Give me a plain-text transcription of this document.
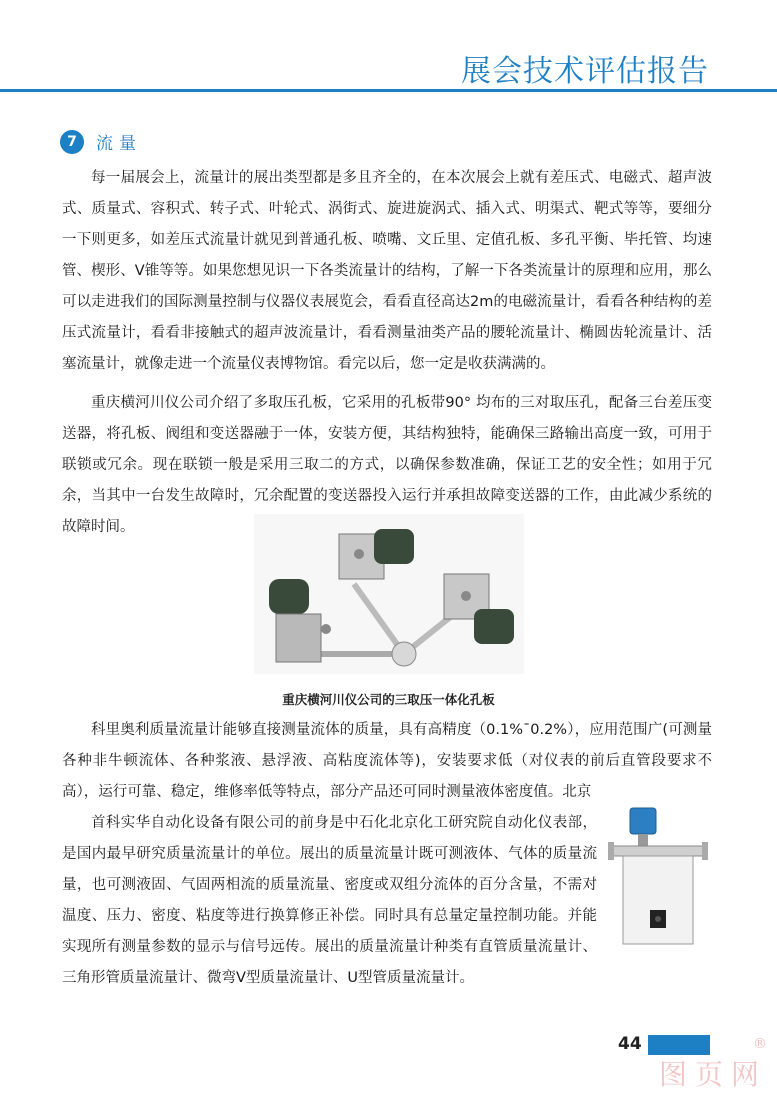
展会技术评估报告
7	流量

每一届展会上，流量计的展出类型都是多且齐全的，在本次展会上就有差压式、电磁式、超声波式、质量式、容积式、转子式、叶轮式、涡街式、旋进旋涡式、插入式、明渠式、靶式等等，要细分一下则更多，如差压式流量计就见到普通孔板、喷嘴、文丘里、定值孔板、多孔平衡、毕托管、均速管、楔形、V锥等等。如果您想见识一下各类流量计的结构，了解一下各类流量计的原理和应用，那么可以走进我们的国际测量控制与仪器仪表展览会，看看直径高达2m的电磁流量计，看看各种结构的差压式流量计，看看非接触式的超声波流量计，看看测量油类产品的腰轮流量计、椭圆齿轮流量计、活塞流量计，就像走进一个流量仪表博物馆。看完以后，您一定是收获满满的。

重庆横河川仪公司介绍了多取压孔板，它采用的孔板带90° 均布的三对取压孔，配备三台差压变送器，将孔板、阀组和变送器融于一体，安装方便，其结构独特，能确保三路输出高度一致，可用于联锁或冗余。现在联锁一般是采用三取二的方式，以确保参数准确，保证工艺的安全性；如用于冗余，当其中一台发生故障时，冗余配置的变送器投入运行并承担故障变送器的工作，由此减少系统的故障时间。

重庆横河川仪公司的三取压一体化孔板

科里奥利质量流量计能够直接测量流体的质量，具有高精度（0.1%¯0.2%），应用范围广(可测量各种非牛顿流体、各种浆液、悬浮液、高粘度流体等)，安装要求低（对仪表的前后直管段要求不高），运行可靠、稳定，维修率低等特点，部分产品还可同时测量液体密度值。北京
首科实华自动化设备有限公司的前身是中石化北京化工研究院自动化仪表部，是国内最早研究质量流量计的单位。展出的质量流量计既可测液体、气体的质量流量，也可测液固、气固两相流的质量流量、密度或双组分流体的百分含量，不需对温度、压力、密度、粘度等进行换算修正补偿。同时具有总量定量控制功能。并能实现所有测量参数的显示与信号远传。展出的质量流量计种类有直管质量流量计、三角形管质量流量计、微弯V型质量流量计、U型管质量流量计。

44	®
图页网
